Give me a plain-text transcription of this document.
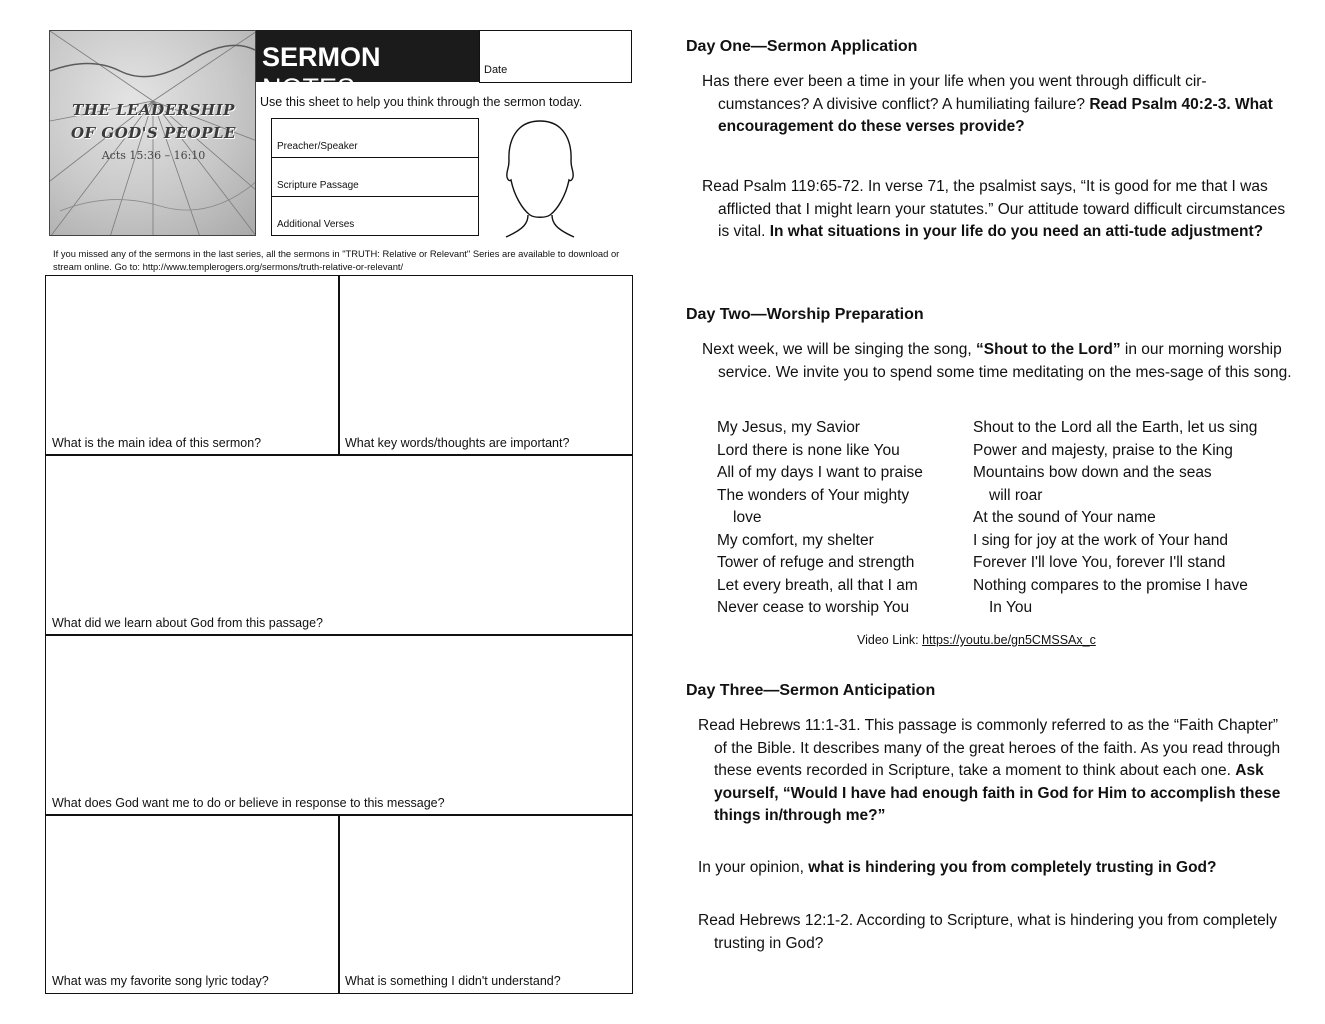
THE LEADERSHIP
OF GOD'S PEOPLE
Acts 15:36 – 16:10
SERMON NOTES
Date
Use this sheet to help you think through the sermon today.
Preacher/Speaker
Scripture Passage
Additional Verses
If you missed any of the sermons in the last series, all the sermons in "TRUTH: Relative or Relevant" Series are available to download or stream online. Go to: http://www.templerogers.org/sermons/truth-relative-or-relevant/
What is the main idea of this sermon?	What key words/thoughts are important?
What did we learn about God from this passage?
What does God want me to do or believe in response to this message?
What was my favorite song lyric today?	What is something I didn't understand?
Day One—Sermon Application
Has there ever been a time in your life when you went through difficult cir-cumstances? A divisive conflict? A humiliating failure? Read Psalm 40:2-3. What encouragement do these verses provide?
Read Psalm 119:65-72. In verse 71, the psalmist says, “It is good for me that I was afflicted that I might learn your statutes.” Our attitude toward difficult circumstances is vital. In what situations in your life do you need an atti-tude adjustment?
Day Two—Worship Preparation
Next week, we will be singing the song, “Shout to the Lord” in our morning worship service. We invite you to spend some time meditating on the mes-sage of this song.
My Jesus, my Savior
Lord there is none like You
All of my days I want to praise
The wonders of Your mighty
love
My comfort, my shelter
Tower of refuge and strength
Let every breath, all that I am
Never cease to worship You
Shout to the Lord all the Earth, let us sing
Power and majesty, praise to the King
Mountains bow down and the seas
will roar
At the sound of Your name
I sing for joy at the work of Your hand
Forever I'll love You, forever I'll stand
Nothing compares to the promise I have
In You
Video Link: https://youtu.be/gn5CMSSAx_c
Day Three—Sermon Anticipation
Read Hebrews 11:1-31. This passage is commonly referred to as the “Faith Chapter” of the Bible. It describes many of the great heroes of the faith. As you read through these events recorded in Scripture, take a moment to think about each one. Ask yourself, “Would I have had enough faith in God for Him to accomplish these things in/through me?”
In your opinion, what is hindering you from completely trusting in God?
Read Hebrews 12:1-2. According to Scripture, what is hindering you from completely trusting in God?
